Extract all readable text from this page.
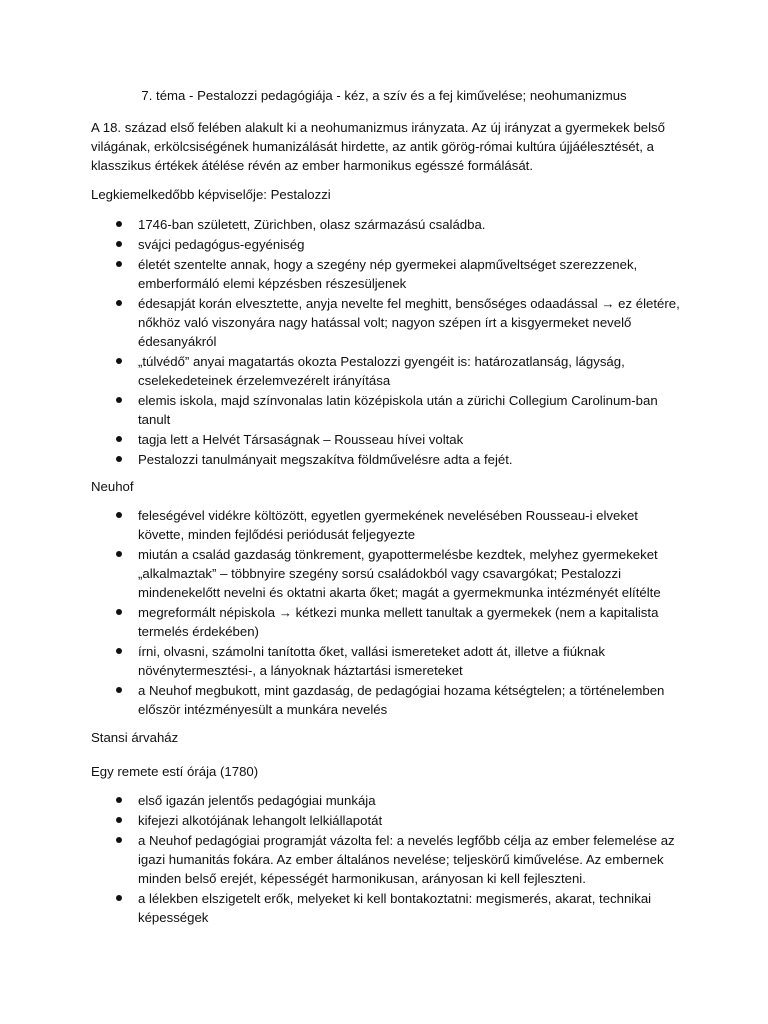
7. téma - Pestalozzi pedagógiája - kéz, a szív és a fej kiművelése; neohumanizmus

A 18. század első felében alakult ki a neohumanizmus irányzata. Az új irányzat a gyermekek belső világának, erkölcsiségének humanizálását hirdette, az antik görög-római kultúra újjáélesztését, a klasszikus értékek átélése révén az ember harmonikus egésszé formálását.

Legkiemelkedőbb képviselője: Pestalozzi

1746-ban született, Zürichben, olasz származású családba.
svájci pedagógus-egyéniség
életét szentelte annak, hogy a szegény nép gyermekei alapműveltséget szerezzenek, emberformáló elemi képzésben részesüljenek
édesapját korán elvesztette, anyja nevelte fel meghitt, bensőséges odaadással → ez életére, nőkhöz való viszonyára nagy hatással volt; nagyon szépen írt a kisgyermeket nevelő édesanyákról
„túlvédő” anyai magatartás okozta Pestalozzi gyengéit is: határozatlanság, lágyság, cselekedeteinek érzelemvezérelt irányítása
elemis iskola, majd színvonalas latin középiskola után a zürichi Collegium Carolinum-ban tanult
tagja lett a Helvét Társaságnak – Rousseau hívei voltak
Pestalozzi tanulmányait megszakítva földművelésre adta a fejét.

Neuhof

feleségével vidékre költözött, egyetlen gyermekének nevelésében Rousseau-i elveket követte, minden fejlődési periódusát feljegyezte
miután a család gazdaság tönkrement, gyapottermelésbe kezdtek, melyhez gyermekeket „alkalmaztak” – többnyire szegény sorsú családokból vagy csavargókat; Pestalozzi mindenekelőtt nevelni és oktatni akarta őket; magát a gyermekmunka intézményét elítélte
megreformált népiskola → kétkezi munka mellett tanultak a gyermekek (nem a kapitalista termelés érdekében)
írni, olvasni, számolni tanította őket, vallási ismereteket adott át, illetve a fiúknak növénytermesztési-, a lányoknak háztartási ismereteket
a Neuhof megbukott, mint gazdaság, de pedagógiai hozama kétségtelen; a történelemben először intézményesült a munkára nevelés

Stansi árvaház

Egy remete estí órája (1780)

első igazán jelentős pedagógiai munkája
kifejezi alkotójának lehangolt lelkiállapotát
a Neuhof pedagógiai programját vázolta fel: a nevelés legfőbb célja az ember felemelése az igazi humanitás fokára. Az ember általános nevelése; teljeskörű kiművelése. Az embernek minden belső erejét, képességét harmonikusan, arányosan ki kell fejleszteni.
a lélekben elszigetelt erők, melyeket ki kell bontakoztatni: megismerés, akarat, technikai képességek
